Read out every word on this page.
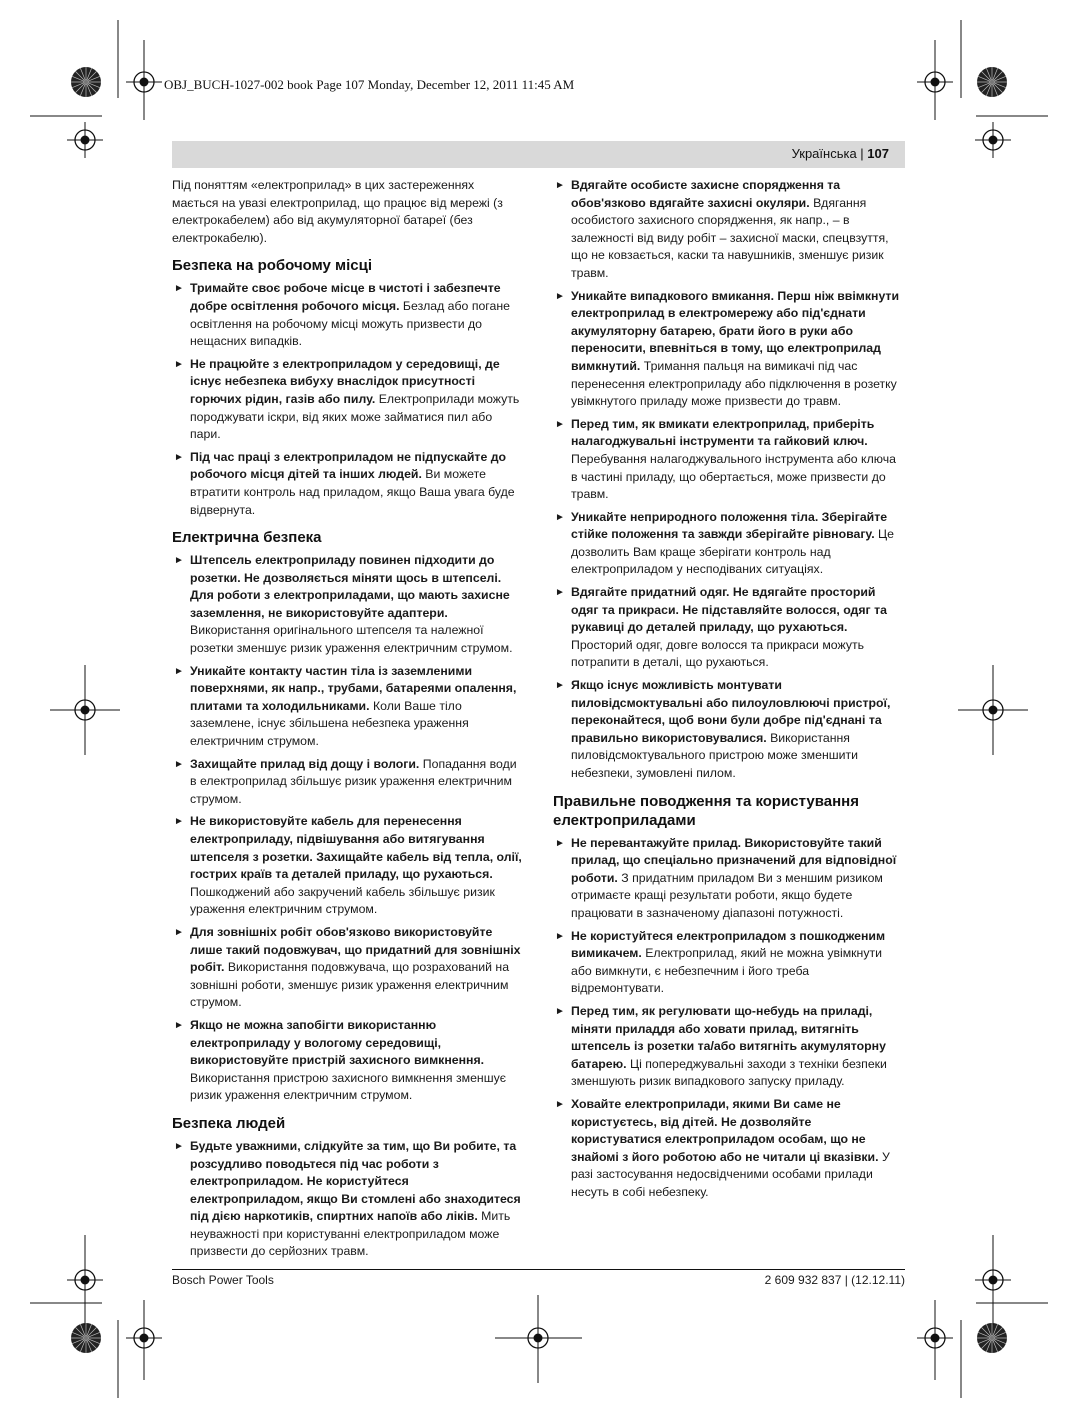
OBJ_BUCH-1027-002 book Page 107 Monday, December 12, 2011 11:45 AM
Українська | 107

Під поняттям «електроприлад» в цих застереженнях мається на увазі електроприлад, що працює від мережі (з електрокабелем) або від акумуляторної батареї (без електрокабелю).

Безпека на робочому місці
► Тримайте своє робоче місце в чистоті і забезпечте добре освітлення робочого місця. Безлад або погане освітлення на робочому місці можуть призвести до нещасних випадків.
► Не працюйте з електроприладом у середовищі, де існує небезпека вибуху внаслідок присутності горючих рідин, газів або пилу. Електроприлади можуть породжувати іскри, від яких може займатися пил або пари.
► Під час праці з електроприладом не підпускайте до робочого місця дітей та інших людей. Ви можете втратити контроль над приладом, якщо Ваша увага буде відвернута.
Електрична безпека
► Штепсель електроприладу повинен підходити до розетки. Не дозволяється міняти щось в штепселі. Для роботи з електроприладами, що мають захисне заземлення, не використовуйте адаптери. Використання оригінального штепселя та належної розетки зменшує ризик ураження електричним струмом.
► Уникайте контакту частин тіла із заземленими поверхнями, як напр., трубами, батареями опалення, плитами та холодильниками. Коли Ваше тіло заземлене, існує збільшена небезпека ураження електричним струмом.
► Захищайте прилад від дощу і вологи. Попадання води в електроприлад збільшує ризик ураження електричним струмом.
► Не використовуйте кабель для перенесення електроприладу, підвішування або витягування штепселя з розетки. Захищайте кабель від тепла, олії, гострих країв та деталей приладу, що рухаються. Пошкоджений або закручений кабель збільшує ризик ураження електричним струмом.
► Для зовнішніх робіт обов'язково використовуйте лише такий подовжувач, що придатний для зовнішніх робіт. Використання подовжувача, що розрахований на зовнішні роботи, зменшує ризик ураження електричним струмом.
► Якщо не можна запобігти використанню електроприладу у вологому середовищі, використовуйте пристрій захисного вимкнення. Використання пристрою захисного вимкнення зменшує ризик ураження електричним струмом.
Безпека людей
► Будьте уважними, слідкуйте за тим, що Ви робите, та розсудливо поводьтеся під час роботи з електроприладом. Не користуйтеся електроприладом, якщо Ви стомлені або знаходитеся під дією наркотиків, спиртних напоїв або ліків. Мить неуважності при користуванні електроприладом може призвести до серйозних травм.
► Вдягайте особисте захисне спорядження та обов'язково вдягайте захисні окуляри. Вдягання особистого захисного спорядження, як напр., – в залежності від виду робіт – захисної маски, спецвзуття, що не ковзається, каски та навушників, зменшує ризик травм.
► Уникайте випадкового вмикання. Перш ніж ввімкнути електроприлад в електромережу або під'єднати акумуляторну батарею, брати його в руки або переносити, впевніться в тому, що електроприлад вимкнутий. Тримання пальця на вимикачі під час перенесення електроприладу або підключення в розетку увімкнутого приладу може призвести до травм.
► Перед тим, як вмикати електроприлад, приберіть налагоджувальні інструменти та гайковий ключ. Перебування налагоджувального інструмента або ключа в частині приладу, що обертається, може призвести до травм.
► Уникайте неприродного положення тіла. Зберігайте стійке положення та завжди зберігайте рівновагу. Це дозволить Вам краще зберігати контроль над електроприладом у несподіваних ситуаціях.
► Вдягайте придатний одяг. Не вдягайте просторий одяг та прикраси. Не підставляйте волосся, одяг та рукавиці до деталей приладу, що рухаються. Просторий одяг, довге волосся та прикраси можуть потрапити в деталі, що рухаються.
► Якщо існує можливість монтувати пиловідсмоктувальні або пилоуловлюючі пристрої, переконайтеся, щоб вони були добре під'єднані та правильно використовувалися. Використання пиловідсмоктувального пристрою може зменшити небезпеки, зумовлені пилом.
Правильне поводження та користування електроприладами
► Не перевантажуйте прилад. Використовуйте такий прилад, що спеціально призначений для відповідної роботи. З придатним приладом Ви з меншим ризиком отримаєте кращі результати роботи, якщо будете працювати в зазначеному діапазоні потужності.
► Не користуйтеся електроприладом з пошкодженим вимикачем. Електроприлад, який не можна увімкнути або вимкнути, є небезпечним і його треба відремонтувати.
► Перед тим, як регулювати що-небудь на приладі, міняти приладдя або ховати прилад, витягніть штепсель із розетки та/або витягніть акумуляторну батарею. Ці попереджувальні заходи з техніки безпеки зменшують ризик випадкового запуску приладу.
► Ховайте електроприлади, якими Ви саме не користуєтесь, від дітей. Не дозволяйте користуватися електроприладом особам, що не знайомі з його роботою або не читали ці вказівки. У разі застосування недосвідченими особами прилади несуть в собі небезпеку.
Bosch Power Tools	2 609 932 837 | (12.12.11)
